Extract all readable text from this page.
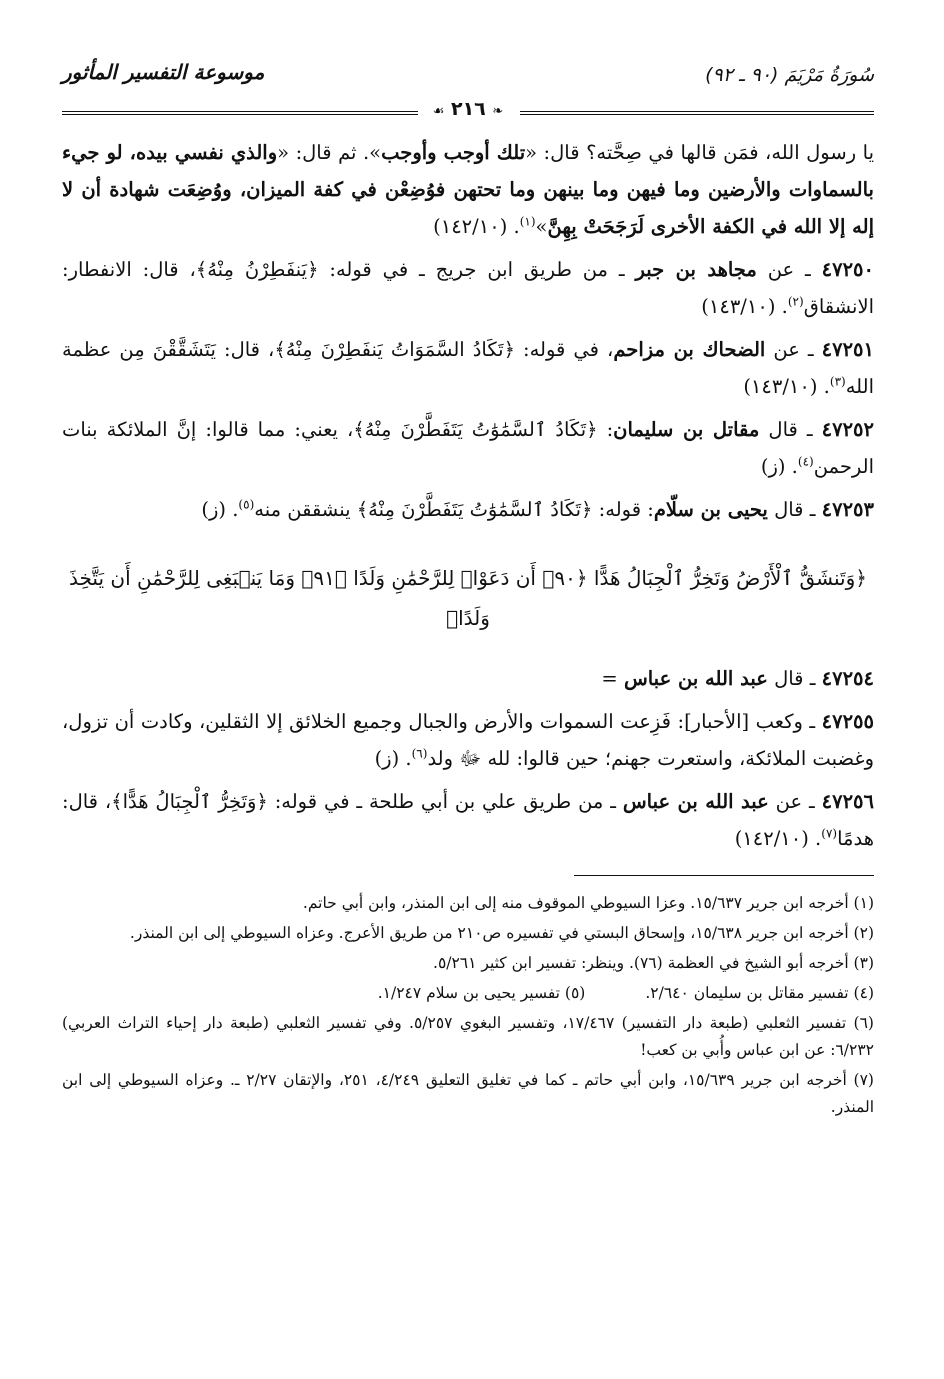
سُورَةُ مَرْيَمَ (٩٠ ـ ٩٢)
موسوعة التفسير المأثور
❧ ٢١٦ ☙

يا رسول الله، فمَن قالها في صِحَّته؟ قال: «تلك أوجب وأوجب». ثم قال: «والذي نفسي بيده، لو جيء بالسماوات والأرضين وما فيهن وما بينهن وما تحتهن فوُضِعْن في كفة الميزان، ووُضِعَت شهادة أن لا إله إلا الله في الكفة الأخرى لَرَجَحَتْ بِهِنَّ»$^{(١)}$. (١٤٢/١٠)

٤٧٢٥٠ ـ عن مجاهد بن جبر ـ من طريق ابن جريج ـ في قوله: ﴿يَنفَطِرْنُ مِنْهُ﴾، قال: الانفطار: الانشقاق$^{(٢)}$. (١٤٣/١٠)

٤٧٢٥١ ـ عن الضحاك بن مزاحم، في قوله: ﴿تَكَادُ السَّمَوَاتُ يَنفَطِرْنَ مِنْهُ﴾، قال: يَتَشَقَّقْنَ مِن عظمة الله$^{(٣)}$. (١٤٣/١٠)

٤٧٢٥٢ ـ قال مقاتل بن سليمان: ﴿تَكَادُ ٱلسَّمَٰوَٰتُ يَتَفَطَّرْنَ مِنْهُ﴾، يعني: مما قالوا: إنَّ الملائكة بنات الرحمن$^{(٤)}$. (ز)

٤٧٢٥٣ ـ قال يحيى بن سلّام: قوله: ﴿تَكَادُ ٱلسَّمَٰوَٰتُ يَتَفَطَّرْنَ مِنْهُ﴾ ينشققن منه$^{(٥)}$. (ز)

﴿وَتَنشَقُّ ٱلْأَرْضُ وَتَخِرُّ ٱلْجِبَالُ هَدًّا ﴿٩٠﴾ أَن دَعَوْا۟ لِلرَّحْمَٰنِ وَلَدًا ﴿٩١﴾ وَمَا يَنۢبَغِى لِلرَّحْمَٰنِ أَن يَتَّخِذَ وَلَدًا﴾

٤٧٢٥٤ ـ قال عبد الله بن عباس =

٤٧٢٥٥ ـ وكعب [الأحبار]: فَزِعت السموات والأرض والجبال وجميع الخلائق إلا الثقلين، وكادت أن تزول، وغضبت الملائكة، واستعرت جهنم؛ حين قالوا: لله ﷻ ولد$^{(٦)}$. (ز)

٤٧٢٥٦ ـ عن عبد الله بن عباس ـ من طريق علي بن أبي طلحة ـ في قوله: ﴿وَتَخِرُّ ٱلْجِبَالُ هَدًّا﴾، قال: هدمًا$^{(٧)}$. (١٤٢/١٠)

(١) أخرجه ابن جرير ١٥/٦٣٧. وعزا السيوطي الموقوف منه إلى ابن المنذر، وابن أبي حاتم.

(٢) أخرجه ابن جرير ١٥/٦٣٨، وإسحاق البستي في تفسيره ص٢١٠ من طريق الأعرج. وعزاه السيوطي إلى ابن المنذر.

(٣) أخرجه أبو الشيخ في العظمة (٧٦). وينظر: تفسير ابن كثير ٥/٢٦١.

(٤) تفسير مقاتل بن سليمان ٢/٦٤٠.
(٥) تفسير يحيى بن سلام ١/٢٤٧.

(٦) تفسير الثعلبي (طبعة دار التفسير) ١٧/٤٦٧، وتفسير البغوي ٥/٢٥٧. وفي تفسير الثعلبي (طبعة دار إحياء التراث العربي) ٦/٢٣٢: عن ابن عباس وأُبي بن كعب!

(٧) أخرجه ابن جرير ١٥/٦٣٩، وابن أبي حاتم ـ كما في تغليق التعليق ٤/٢٤٩، ٢٥١، والإتقان ٢/٢٧ ـ. وعزاه السيوطي إلى ابن المنذر.
